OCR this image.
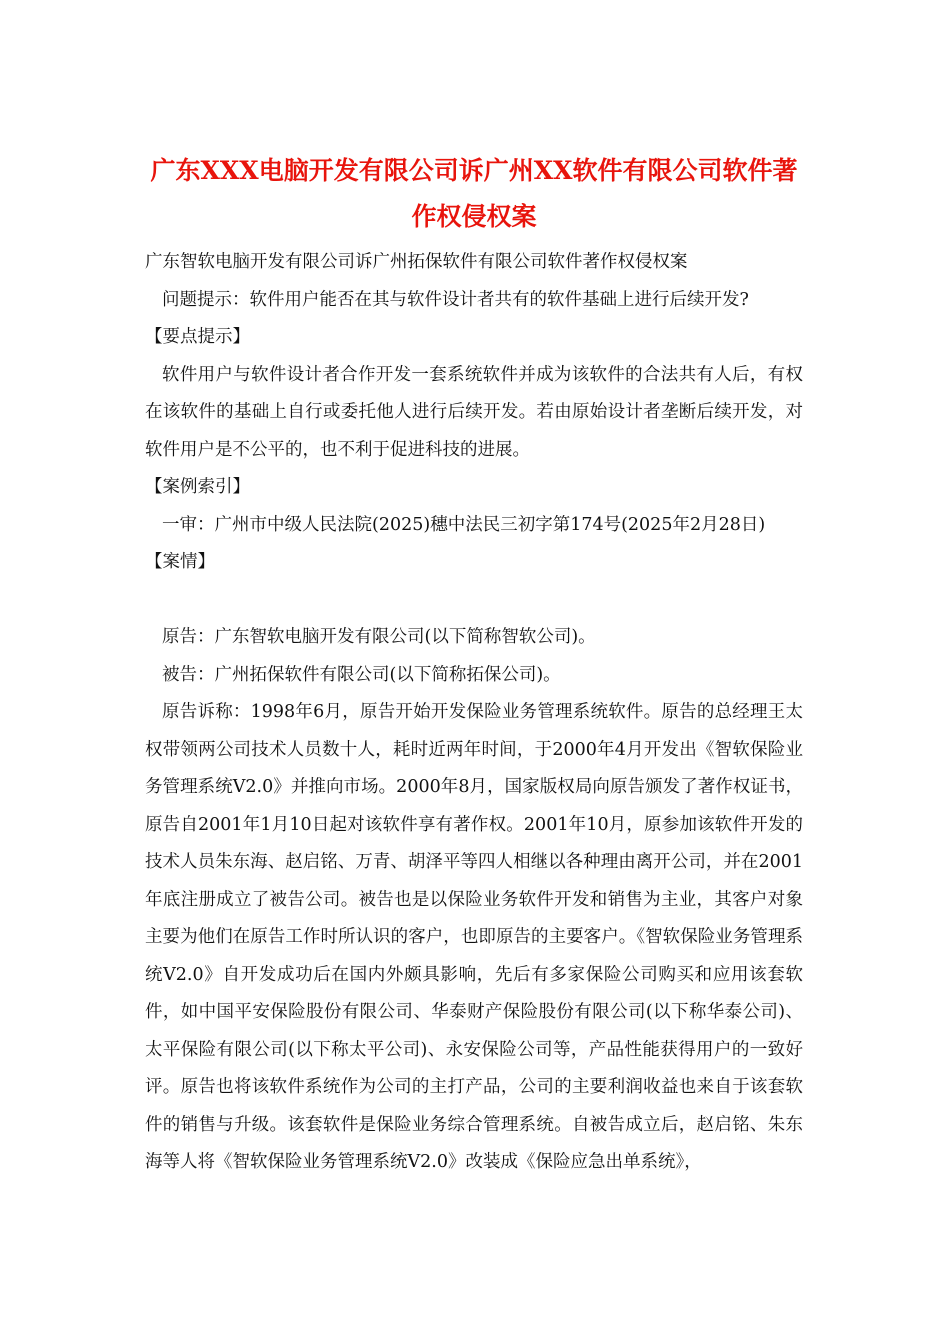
广东XXX电脑开发有限公司诉广州XX软件有限公司软件著作权侵权案

广东智软电脑开发有限公司诉广州拓保软件有限公司软件著作权侵权案

问题提示：软件用户能否在其与软件设计者共有的软件基础上进行后续开发?

【要点提示】

软件用户与软件设计者合作开发一套系统软件并成为该软件的合法共有人后，有权在该软件的基础上自行或委托他人进行后续开发。若由原始设计者垄断后续开发，对软件用户是不公平的，也不利于促进科技的进展。

【案例索引】

一审：广州市中级人民法院(2025)穗中法民三初字第174号(2025年2月28日)

【案情】

原告：广东智软电脑开发有限公司(以下简称智软公司)。

被告：广州拓保软件有限公司(以下简称拓保公司)。

原告诉称：1998年6月，原告开始开发保险业务管理系统软件。原告的总经理王太权带领两公司技术人员数十人，耗时近两年时间，于2000年4月开发出《智软保险业务管理系统V2.0》并推向市场。2000年8月，国家版权局向原告颁发了著作权证书，原告自2001年1月10日起对该软件享有著作权。2001年10月，原参加该软件开发的技术人员朱东海、赵启铭、万青、胡泽平等四人相继以各种理由离开公司，并在2001年底注册成立了被告公司。被告也是以保险业务软件开发和销售为主业，其客户对象主要为他们在原告工作时所认识的客户，也即原告的主要客户。《智软保险业务管理系统V2.0》自开发成功后在国内外颇具影响，先后有多家保险公司购买和应用该套软件，如中国平安保险股份有限公司、华泰财产保险股份有限公司(以下称华泰公司)、太平保险有限公司(以下称太平公司)、永安保险公司等，产品性能获得用户的一致好评。原告也将该软件系统作为公司的主打产品，公司的主要利润收益也来自于该套软件的销售与升级。该套软件是保险业务综合管理系统。自被告成立后，赵启铭、朱东海等人将《智软保险业务管理系统V2.0》改装成《保险应急出单系统》，
